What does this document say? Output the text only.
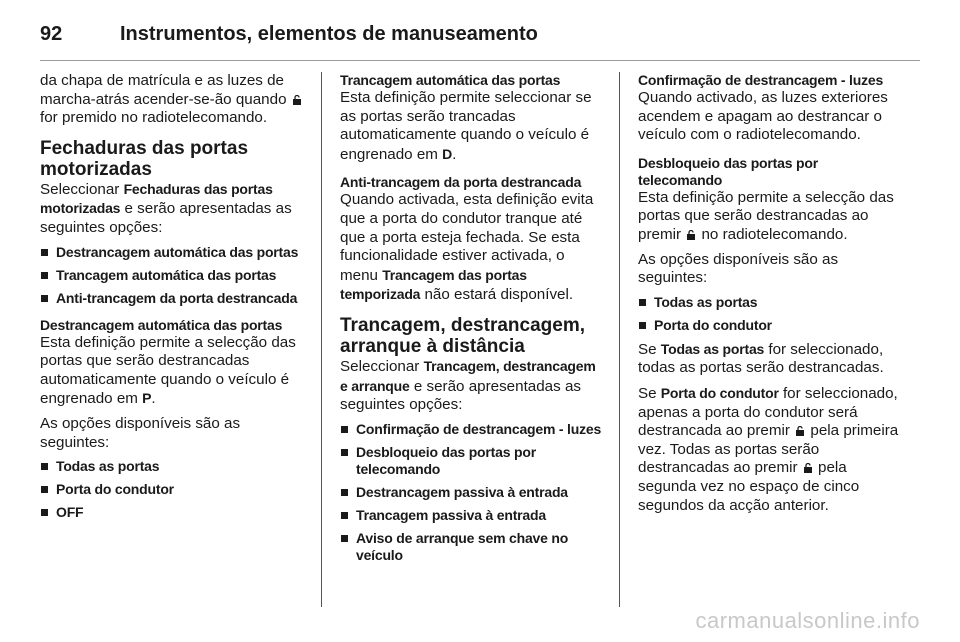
92	Instrumentos, elementos de manuseamento

da chapa de matrícula e as luzes de marcha-atrás acender-se-ão quando
for premido no radiotelecomando.

Fechaduras das portas motorizadas

Seleccionar Fechaduras das portas motorizadas e serão apresentadas as seguintes opções:

Destrancagem automática das portas
Trancagem automática das portas
Anti-trancagem da porta destrancada
Destrancagem automática das portas

Esta definição permite a selecção das portas que serão destrancadas automaticamente quando o veículo é engrenado em P.

As opções disponíveis são as seguintes:

Todas as portas
Porta do condutor
OFF
Trancagem automática das portas

Esta definição permite seleccionar se as portas serão trancadas automaticamente quando o veículo é engrenado em D.

Anti-trancagem da porta destrancada

Quando activada, esta definição evita que a porta do condutor tranque até que a porta esteja fechada. Se esta funcionalidade estiver activada, o menu Trancagem das portas temporizada não estará disponível.

Trancagem, destrancagem, arranque à distância

Seleccionar Trancagem, destrancagem e arranque e serão apresentadas as seguintes opções:

Confirmação de destrancagem - luzes
Desbloqueio das portas por telecomando
Destrancagem passiva à entrada
Trancagem passiva à entrada
Aviso de arranque sem chave no veículo
Confirmação de destrancagem - luzes

Quando activado, as luzes exteriores acendem e apagam ao destrancar o veículo com o radiotelecomando.

Desbloqueio das portas por telecomando

Esta definição permite a selecção das portas que serão destrancadas ao premir
no radiotelecomando.

As opções disponíveis são as seguintes:

Todas as portas
Porta do condutor

Se Todas as portas for seleccionado, todas as portas serão destrancadas.

Se Porta do condutor for seleccionado, apenas a porta do condutor será destrancada ao premir
pela primeira vez. Todas as portas serão destrancadas ao premir
pela segunda vez no espaço de cinco segundos da acção anterior.

carmanualsonline.info
